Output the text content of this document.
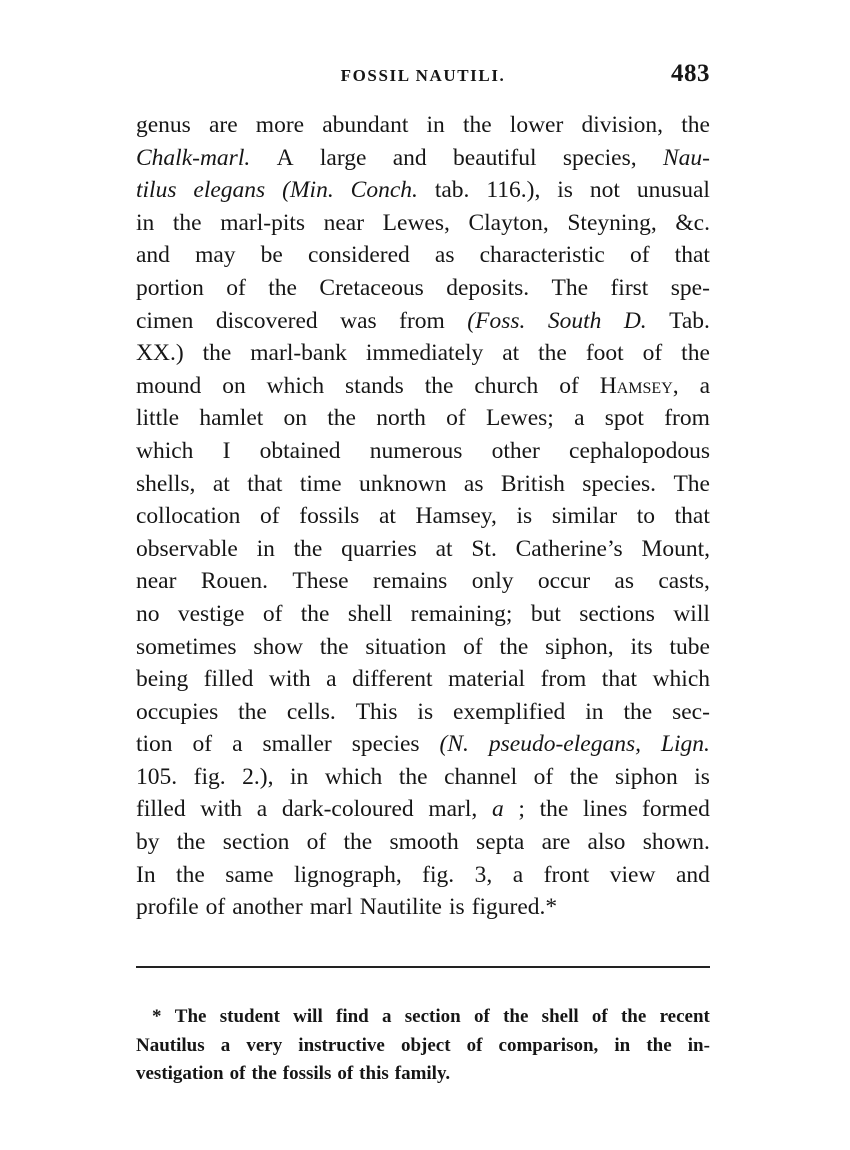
FOSSIL NAUTILI.	483
genus are more abundant in the lower division, the
Chalk-marl. A large and beautiful species, Nau-
tilus elegans (Min. Conch. tab. 116.), is not unusual
in the marl-pits near Lewes, Clayton, Steyning, &c.
and may be considered as characteristic of that
portion of the Cretaceous deposits. The first spe-
cimen discovered was from (Foss. South D. Tab.
XX.) the marl-bank immediately at the foot of the
mound on which stands the church of Hamsey, a
little hamlet on the north of Lewes; a spot from
which I obtained numerous other cephalopodous
shells, at that time unknown as British species. The
collocation of fossils at Hamsey, is similar to that
observable in the quarries at St. Catherine’s Mount,
near Rouen. These remains only occur as casts,
no vestige of the shell remaining; but sections will
sometimes show the situation of the siphon, its tube
being filled with a different material from that which
occupies the cells. This is exemplified in the sec-
tion of a smaller species (N. pseudo-elegans, Lign.
105. fig. 2.), in which the channel of the siphon is
filled with a dark-coloured marl, a ; the lines formed
by the section of the smooth septa are also shown.
In the same lignograph, fig. 3, a front view and
profile of another marl Nautilite is figured.*
* The student will find a section of the shell of the recent
Nautilus a very instructive object of comparison, in the in-
vestigation of the fossils of this family.
